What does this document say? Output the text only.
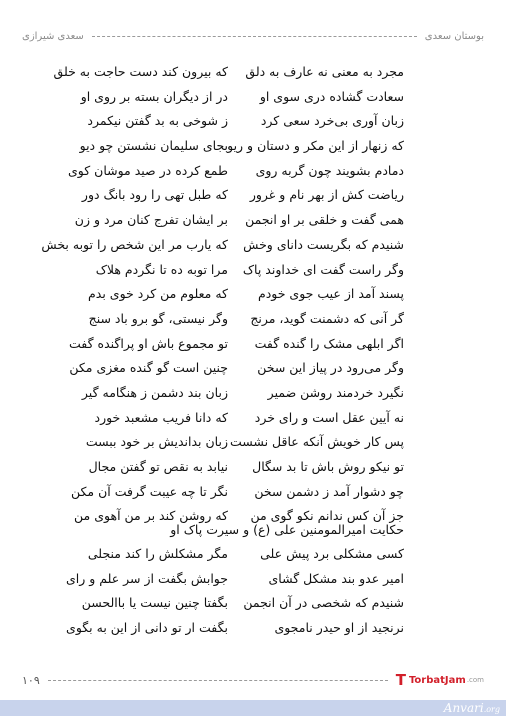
بوستان سعدی
سعدی شیرازی
مجرد به معنی نه عارف به دلق
که بیرون کند دست حاجت به خلق
سعادت گشاده دری سوی او
در از دیگران بسته بر روی او
زبان آوری بی‌خرد سعی کرد
ز شوخی به بد گفتن نیکمرد
که زنهار از این مکر و دستان و ریو
بجای سلیمان نشستن چو دیو
دمادم بشویند چون گربه روی
طمع کرده در صید موشان کوی
ریاضت کش از بهر نام و غرور
که طبل تهی را رود بانگ دور
همی گفت و خلقی بر او انجمن
بر ایشان تفرج کنان مرد و زن
شنیدم که بگریست دانای وخش
که یارب مر این شخص را توبه بخش
وگر راست گفت ای خداوند پاک
مرا توبه ده تا نگردم هلاک
پسند آمد از عیب جوی خودم
که معلوم من کرد خوی بدم
گر آنی که دشمنت گوید، مرنج
وگر نیستی، گو برو باد سنج
اگر ابلهی مشک را گنده گفت
تو مجموع باش او پراگنده گفت
وگر می‌رود در پیاز این سخن
چنین است گو گنده مغزی مکن
نگیرد خردمند روشن ضمیر
زبان بند دشمن ز هنگامه گیر
نه آیین عقل است و رای خرد
که دانا فریب مشعبد خورد
پس کار خویش آنکه عاقل نشست
زبان بداندیش بر خود ببست
تو نیکو روش باش تا بد سگال
نیابد به نقص تو گفتن مجال
چو دشوار آمد ز دشمن سخن
نگر تا چه عیبت گرفت آن مکن
جز آن کس ندانم نکو گوی من
که روشن کند بر من آهوی من
حکایت امیرالمومنین علی (ع) و سیرت پاک او
کسی مشکلی برد پیش علی
مگر مشکلش را کند منجلی
امیر عدو بند مشکل گشای
جوابش بگفت از سر علم و رای
شنیدم که شخصی در آن انجمن
بگفتا چنین نیست یا باالحسن
نرنجید از او حیدر نامجوی
بگفت ار تو دانی از این به بگوی
۱۰۹	T TorbatJam .com
Anvari.org
